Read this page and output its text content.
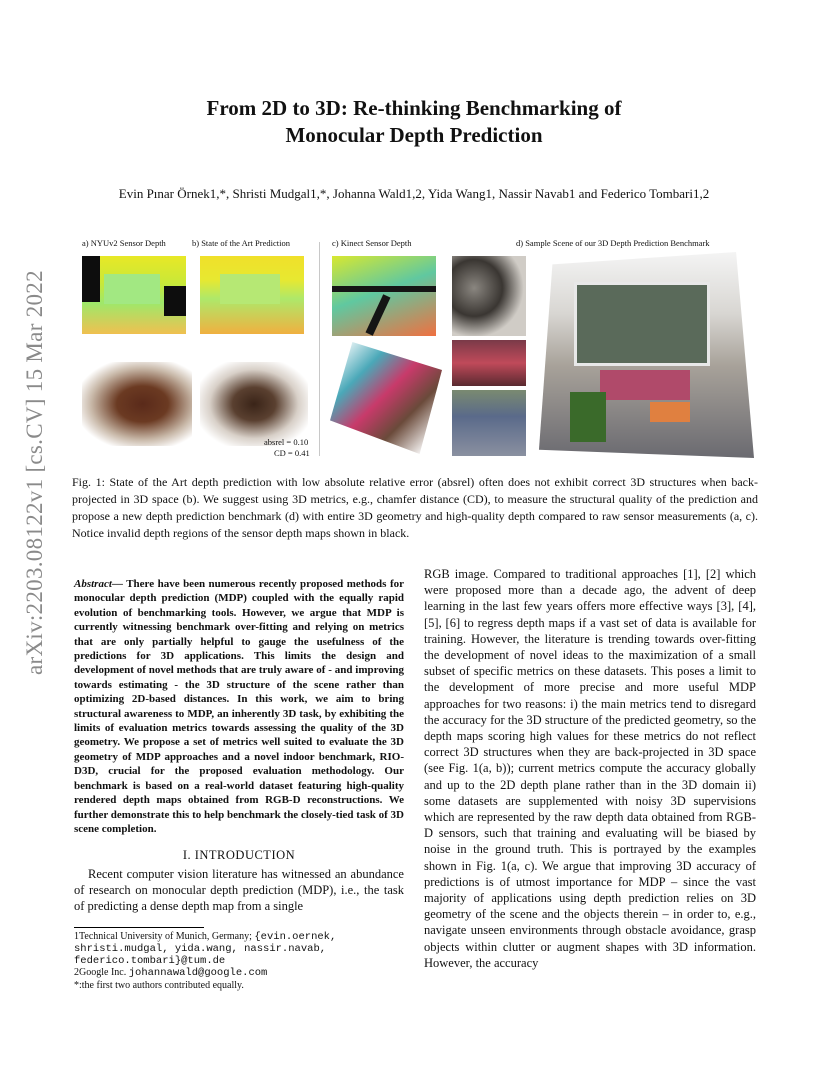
From 2D to 3D: Re-thinking Benchmarking of
Monocular Depth Prediction
Evin Pınar Örnek1,*, Shristi Mudgal1,*, Johanna Wald1,2, Yida Wang1, Nassir Navab1 and Federico Tombari1,2
arXiv:2203.08122v1 [cs.CV] 15 Mar 2022
a) NYUv2 Sensor Depth	b) State of the Art Prediction	c) Kinect Sensor Depth	d) Sample Scene of our 3D Depth Prediction Benchmark
absrel = 0.10
CD = 0.41
Fig. 1: State of the Art depth prediction with low absolute relative error (absrel) often does not exhibit correct 3D structures when back-projected in 3D space (b). We suggest using 3D metrics, e.g., chamfer distance (CD), to measure the structural quality of the prediction and propose a new depth prediction benchmark (d) with entire 3D geometry and high-quality depth compared to raw sensor measurements (a, c). Notice invalid depth regions of the sensor depth maps shown in black.
Abstract— There have been numerous recently proposed methods for monocular depth prediction (MDP) coupled with the equally rapid evolution of benchmarking tools. However, we argue that MDP is currently witnessing benchmark over-fitting and relying on metrics that are only partially helpful to gauge the usefulness of the predictions for 3D applications. This limits the design and development of novel methods that are truly aware of - and improving towards estimating - the 3D structure of the scene rather than optimizing 2D-based distances. In this work, we aim to bring structural awareness to MDP, an inherently 3D task, by exhibiting the limits of evaluation metrics towards assessing the quality of the 3D geometry. We propose a set of metrics well suited to evaluate the 3D geometry of MDP approaches and a novel indoor benchmark, RIO-D3D, crucial for the proposed evaluation methodology. Our benchmark is based on a real-world dataset featuring high-quality rendered depth maps obtained from RGB-D reconstructions. We further demonstrate this to help benchmark the closely-tied task of 3D scene completion.
I. INTRODUCTION
Recent computer vision literature has witnessed an abundance of research on monocular depth prediction (MDP), i.e., the task of predicting a dense depth map from a single
1Technical University of Munich, Germany; {evin.oernek, shristi.mudgal, yida.wang, nassir.navab, federico.tombari}@tum.de
2Google Inc. johannawald@google.com
*:the first two authors contributed equally.
RGB image. Compared to traditional approaches [1], [2] which were proposed more than a decade ago, the advent of deep learning in the last few years offers more effective ways [3], [4], [5], [6] to regress depth maps if a vast set of data is available for training. However, the literature is trending towards over-fitting the development of novel ideas to the maximization of a small subset of specific metrics on these datasets. This poses a limit to the development of more precise and more useful MDP approaches for two reasons: i) the main metrics tend to disregard the accuracy for the 3D structure of the predicted geometry, so the depth maps scoring high values for these metrics do not reflect correct 3D structures when they are back-projected in 3D space (see Fig. 1(a, b)); current metrics compute the accuracy globally and up to the 2D depth plane rather than in the 3D domain ii) some datasets are supplemented with noisy 3D supervisions which are represented by the raw depth data obtained from RGB-D sensors, such that training and evaluating will be biased by noise in the ground truth. This is portrayed by the examples shown in Fig. 1(a, c). We argue that improving 3D accuracy of predictions is of utmost importance for MDP – since the vast majority of applications using depth prediction relies on 3D geometry of the scene and the objects therein – in order to, e.g., navigate unseen environments through obstacle avoidance, grasp objects within clutter or augment shapes with 3D information. However, the accuracy
